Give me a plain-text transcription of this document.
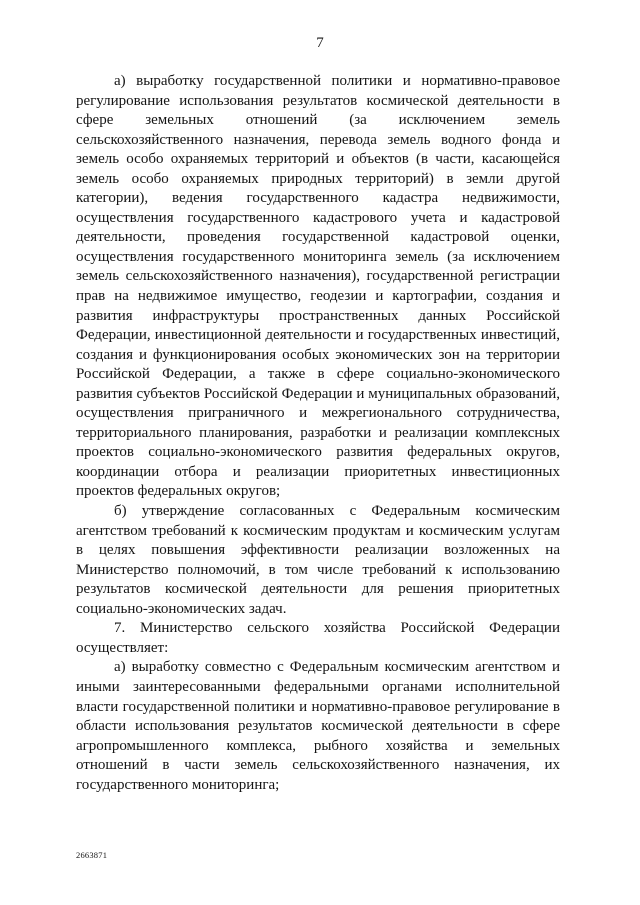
7

а) выработку государственной политики и нормативно-правовое регулирование использования результатов космической деятельности в сфере земельных отношений (за исключением земель сельскохозяйственного назначения, перевода земель водного фонда и земель особо охраняемых территорий и объектов (в части, касающейся земель особо охраняемых природных территорий) в земли другой категории), ведения государственного кадастра недвижимости, осуществления государственного кадастрового учета и кадастровой деятельности, проведения государственной кадастровой оценки, осуществления государственного мониторинга земель (за исключением земель сельскохозяйственного назначения), государственной регистрации прав на недвижимое имущество, геодезии и картографии, создания и развития инфраструктуры пространственных данных Российской Федерации, инвестиционной деятельности и государственных инвестиций, создания и функционирования особых экономических зон на территории Российской Федерации, а также в сфере социально-экономического развития субъектов Российской Федерации и муниципальных образований, осуществления приграничного и межрегионального сотрудничества, территориального планирования, разработки и реализации комплексных проектов социально-экономического развития федеральных округов, координации отбора и реализации приоритетных инвестиционных проектов федеральных округов;

б) утверждение согласованных с Федеральным космическим агентством требований к космическим продуктам и космическим услугам в целях повышения эффективности реализации возложенных на Министерство полномочий, в том числе требований к использованию результатов космической деятельности для решения приоритетных социально-экономических задач.

7. Министерство сельского хозяйства Российской Федерации осуществляет:

а) выработку совместно с Федеральным космическим агентством и иными заинтересованными федеральными органами исполнительной власти государственной политики и нормативно-правовое регулирование в области использования результатов космической деятельности в сфере агропромышленного комплекса, рыбного хозяйства и земельных отношений в части земель сельскохозяйственного назначения, их государственного мониторинга;

2663871
